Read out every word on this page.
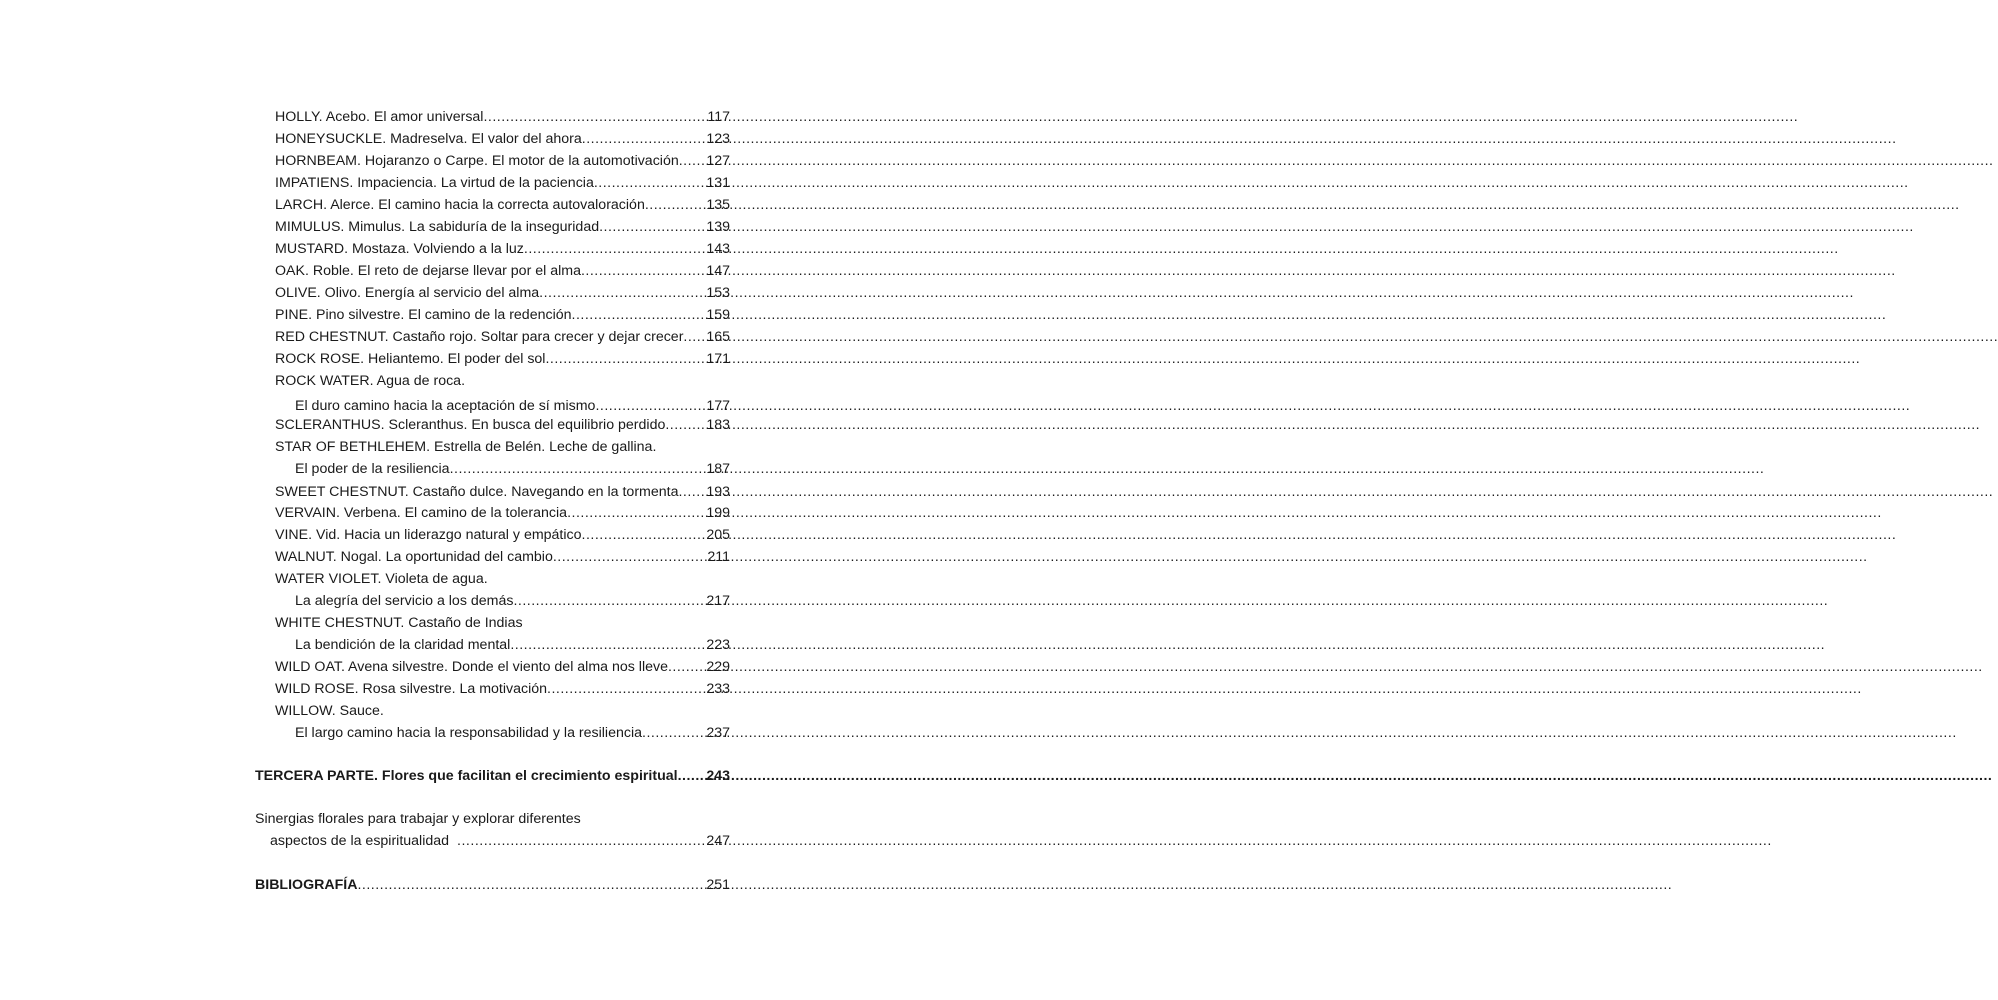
HOLLY. Acebo. El amor universal .....	117
HONEYSUCKLE. Madreselva. El valor del ahora .....	123
HORNBEAM. Hojaranzo o Carpe. El motor de la automotivación ..... 127
IMPATIENS. Impaciencia. La virtud de la paciencia .....	131
LARCH. Alerce. El camino hacia la correcta autovaloración .....	135
MIMULUS. Mimulus. La sabiduría de la inseguridad .....	139
MUSTARD. Mostaza. Volviendo a la luz .....	143
OAK. Roble. El reto de dejarse llevar por el alma .....	147
OLIVE. Olivo. Energía al servicio del alma .....	153
PINE. Pino silvestre. El camino de la redención .....	159
RED CHESTNUT. Castaño rojo. Soltar para crecer y dejar crecer ..... 165
ROCK ROSE. Heliantemo. El poder del sol .....	171
ROCK WATER. Agua de roca.
El duro camino hacia la aceptación de sí mismo .....	177
SCLERANTHUS. Scleranthus. En busca del equilibrio perdido .....	183
STAR OF BETHLEHEM. Estrella de Belén. Leche de gallina.
El poder de la resiliencia .....	187
SWEET CHESTNUT. Castaño dulce. Navegando en la tormenta ..... 193
VERVAIN. Verbena. El camino de la tolerancia .....	199
VINE. Vid. Hacia un liderazgo natural y empático .....	205
WALNUT. Nogal. La oportunidad del cambio .....	211
WATER VIOLET. Violeta de agua.
La alegría del servicio a los demás .....	217
WHITE CHESTNUT. Castaño de Indias
La bendición de la claridad mental .....	223
WILD OAT. Avena silvestre. Donde el viento del alma nos lleve .....	229
WILD ROSE. Rosa silvestre. La motivación .....	233
WILLOW. Sauce.
El largo camino hacia la responsabilidad y la resiliencia .....	237
TERCERA PARTE. Flores que facilitan el crecimiento espiritual ..... 243
Sinergias florales para trabajar y explorar diferentes
aspectos de la espiritualidad .....	247
BIBLIOGRAFÍA .....	251
